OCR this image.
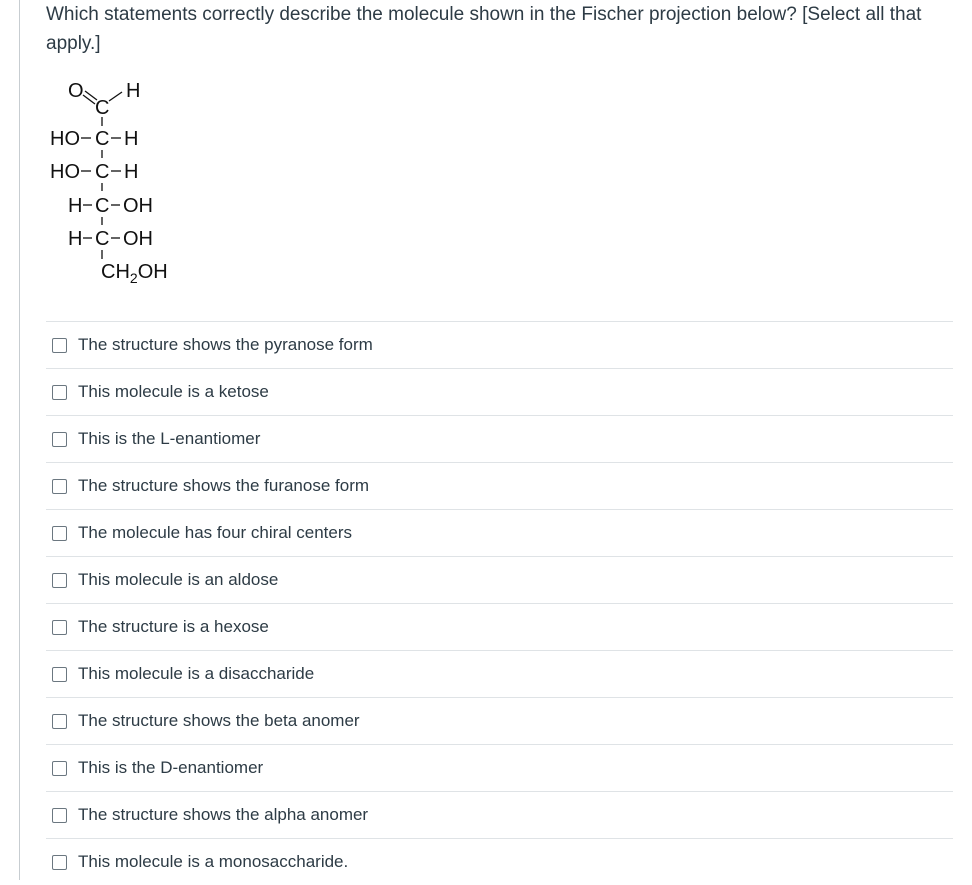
Which statements correctly describe the molecule shown in the Fischer projection below? [Select all that apply.]
O
C
H
HO C H
HO C H
H C OH
H C OH
$CH_2OH$
The structure shows the pyranose form
This molecule is a ketose
This is the L-enantiomer
The structure shows the furanose form
The molecule has four chiral centers
This molecule is an aldose
The structure is a hexose
This molecule is a disaccharide
The structure shows the beta anomer
This is the D-enantiomer
The structure shows the alpha anomer
This molecule is a monosaccharide.
